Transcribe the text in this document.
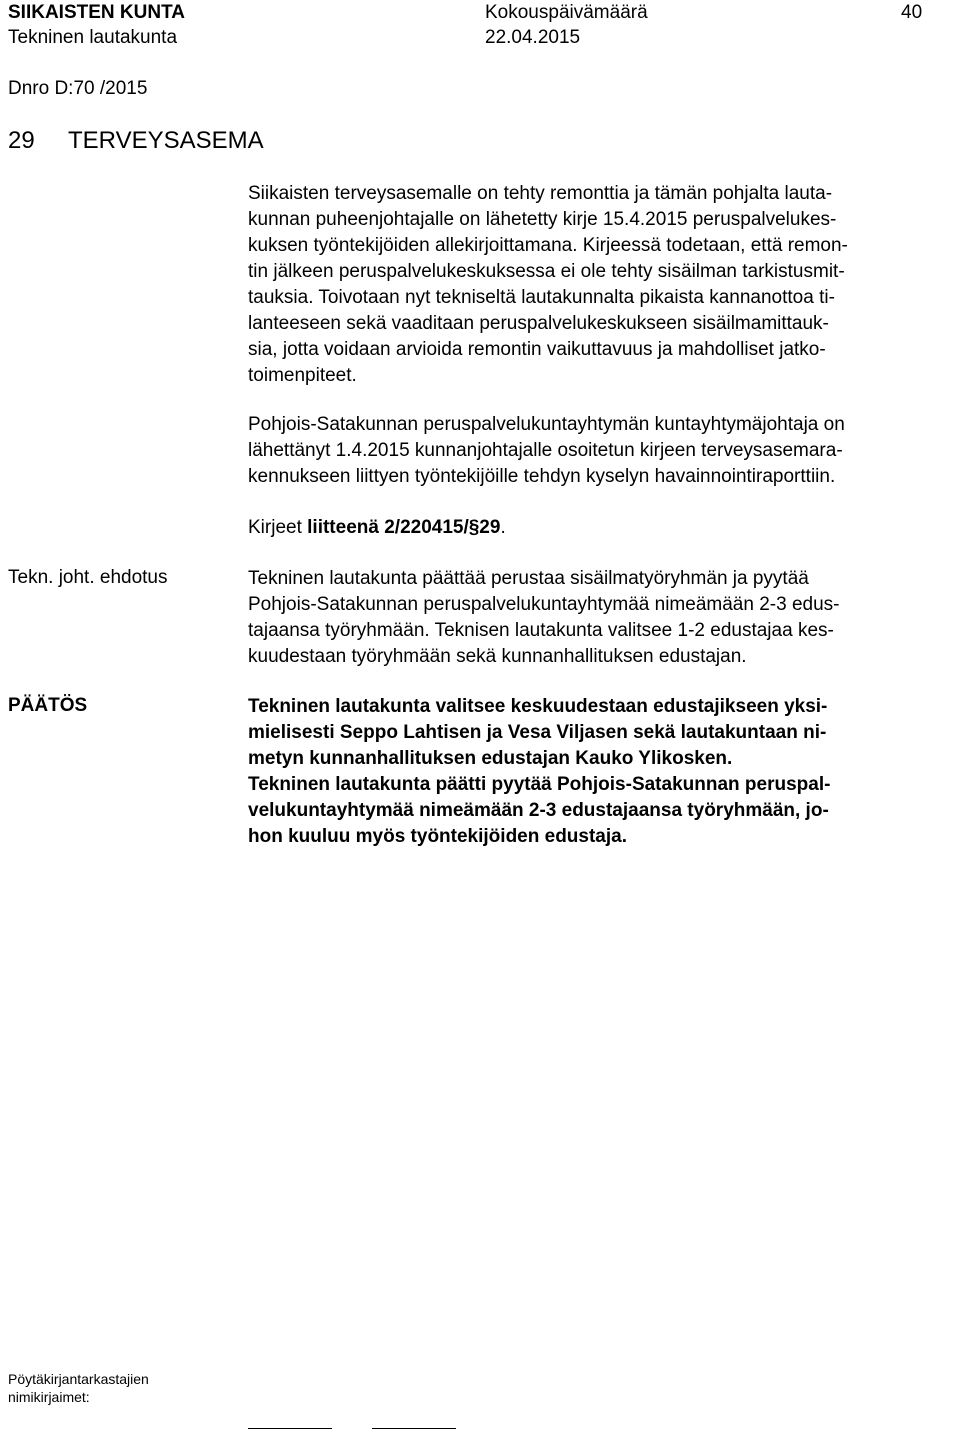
SIIKAISTEN KUNTA	Kokouspäivämäärä	40
Tekninen lautakunta	22.04.2015
Dnro D:70 /2015
29 TERVEYSASEMA
Siikaisten terveysasemalle on tehty remonttia ja tämän pohjalta lauta-
kunnan puheenjohtajalle on lähetetty kirje 15.4.2015 peruspalvelukes-
kuksen työntekijöiden allekirjoittamana. Kirjeessä todetaan, että remon-
tin jälkeen peruspalvelukeskuksessa ei ole tehty sisäilman tarkistusmit-
tauksia. Toivotaan nyt tekniseltä lautakunnalta pikaista kannanottoa ti-
lanteeseen sekä vaaditaan peruspalvelukeskukseen sisäilmamittauk-
sia, jotta voidaan arvioida remontin vaikuttavuus ja mahdolliset jatko-
toimenpiteet.
Pohjois-Satakunnan peruspalvelukuntayhtymän kuntayhtymäjohtaja on
lähettänyt 1.4.2015 kunnanjohtajalle osoitetun kirjeen terveysasemara-
kennukseen liittyen työntekijöille tehdyn kyselyn havainnointiraporttiin.
Kirjeet liitteenä 2/220415/§29.
Tekn. joht. ehdotus	Tekninen lautakunta päättää perustaa sisäilmatyöryhmän ja pyytää
Pohjois-Satakunnan peruspalvelukuntayhtymää nimeämään 2-3 edus-
tajaansa työryhmään. Teknisen lautakunta valitsee 1-2 edustajaa kes-
kuudestaan työryhmään sekä kunnanhallituksen edustajan.
PÄÄTÖS	Tekninen lautakunta valitsee keskuudestaan edustajikseen yksi-
mielisesti Seppo Lahtisen ja Vesa Viljasen sekä lautakuntaan ni-
metyn kunnanhallituksen edustajan Kauko Ylikosken.
Tekninen lautakunta päätti pyytää Pohjois-Satakunnan peruspal-
velukuntayhtymää nimeämään 2-3 edustajaansa työryhmään, jo-
hon kuuluu myös työntekijöiden edustaja.
Pöytäkirjantarkastajien
nimikirjaimet:
